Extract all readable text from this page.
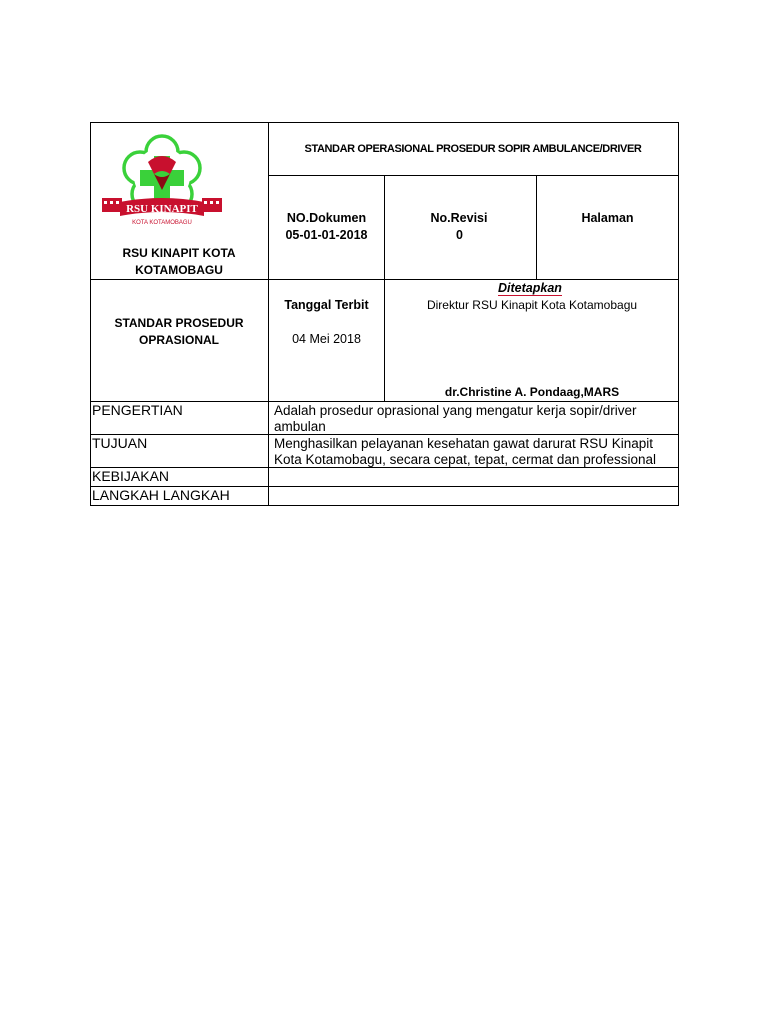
RSU KINAPIT
KOTA KOTAMOBAGU
RSU KINAPIT KOTA
KOTAMOBAGU
STANDAR OPERASIONAL PROSEDUR SOPIR AMBULANCE/DRIVER
NO.Dokumen
05-01-01-2018
No.Revisi
0
Halaman
STANDAR PROSEDUR
OPRASIONAL
Tanggal Terbit
04 Mei 2018
Ditetapkan
Direktur RSU Kinapit Kota Kotamobagu
dr.Christine A. Pondaag,MARS
PENGERTIAN	Adalah prosedur oprasional yang mengatur kerja sopir/driver
ambulan
TUJUAN	Menghasilkan pelayanan kesehatan gawat darurat RSU Kinapit
Kota Kotamobagu, secara cepat, tepat, cermat dan professional
KEBIJAKAN
LANGKAH LANGKAH
